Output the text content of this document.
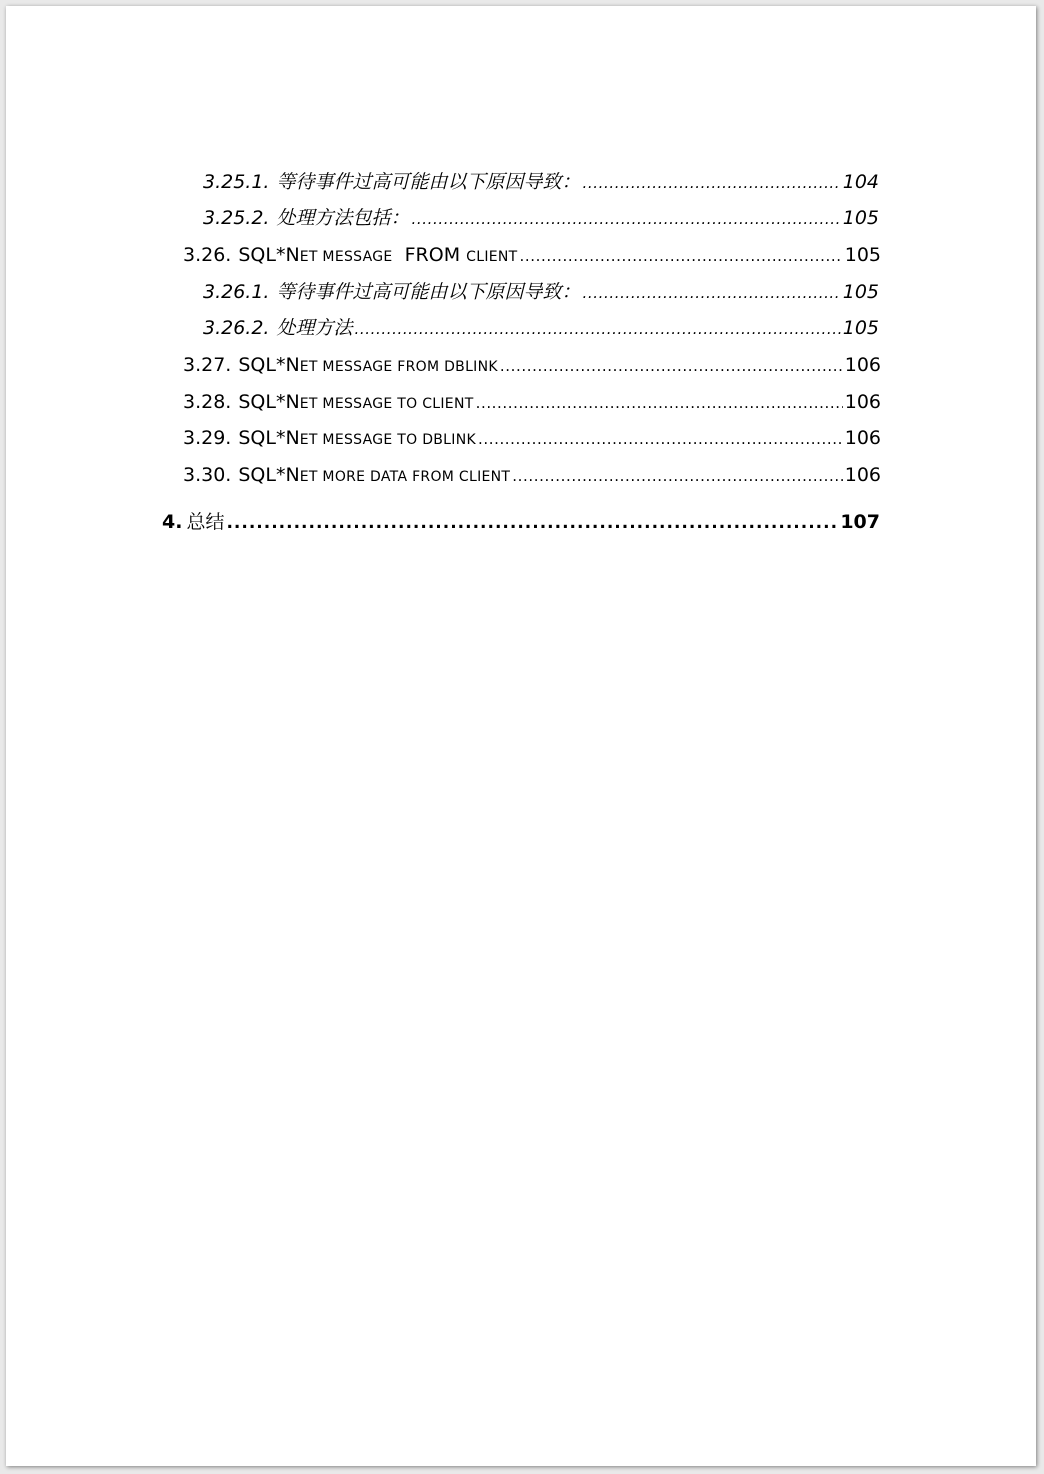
3.25.1. 等待事件过高可能由以下原因导致： .....	104
3.25.2. 处理方法包括： .....	105
3.26. SQL*NET MESSAGE  FROM CLIENT .....	105
3.26.1. 等待事件过高可能由以下原因导致： .....	105
3.26.2. 处理方法 .....	105
3.27. SQL*NET MESSAGE FROM DBLINK .....	106
3.28. SQL*NET MESSAGE TO CLIENT .....	106
3.29. SQL*NET MESSAGE TO DBLINK .....	106
3.30. SQL*NET MORE DATA FROM CLIENT .....	106
4. 总结 .....	107
